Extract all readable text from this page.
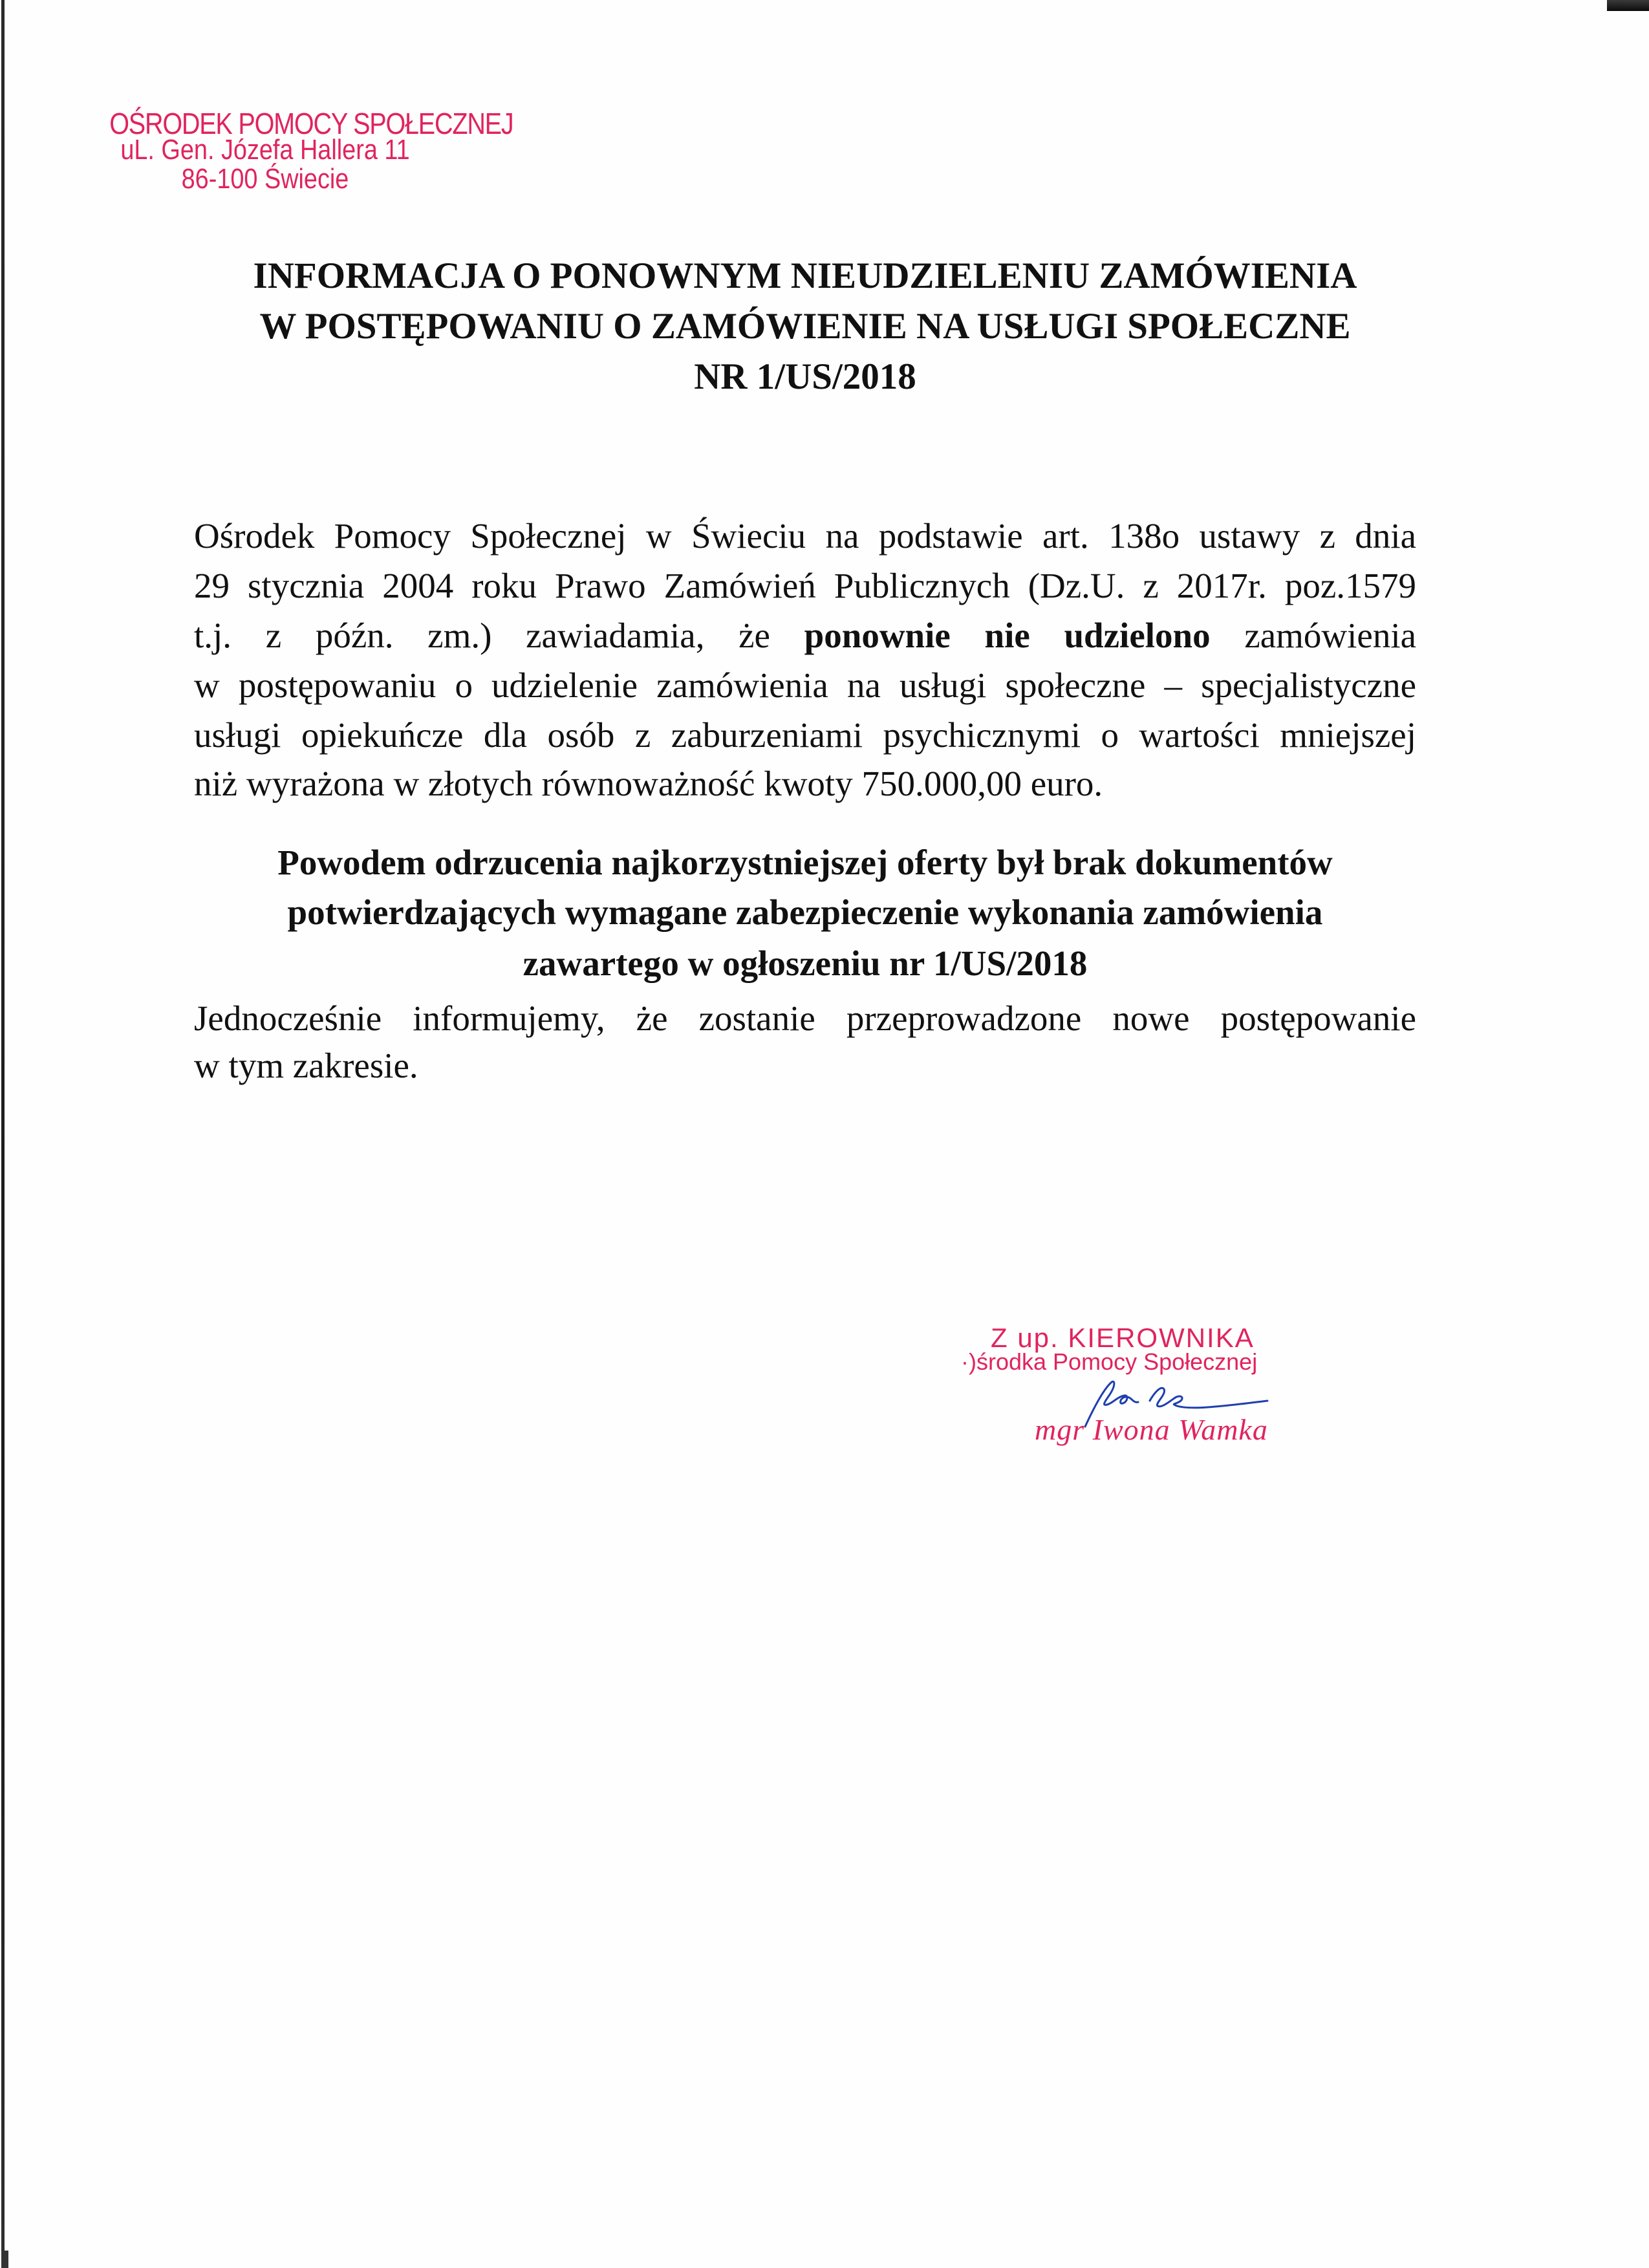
OŚRODEK POMOCY SPOŁECZNEJ
uL. Gen. Józefa Hallera 11
86-100 Świecie
INFORMACJA O PONOWNYM NIEUDZIELENIU ZAMÓWIENIA
W POSTĘPOWANIU O ZAMÓWIENIE NA USŁUGI SPOŁECZNE
NR 1/US/2018
Ośrodek Pomocy Społecznej w Świeciu na podstawie art. 138o ustawy z dnia
29 stycznia 2004 roku Prawo Zamówień Publicznych (Dz.U. z 2017r. poz.1579
t.j. z późn. zm.) zawiadamia, że ponownie nie udzielono zamówienia
w postępowaniu o udzielenie zamówienia na usługi społeczne – specjalistyczne
usługi opiekuńcze dla osób z zaburzeniami psychicznymi o wartości mniejszej
niż wyrażona w złotych równoważność kwoty 750.000,00 euro.
Powodem odrzucenia najkorzystniejszej oferty był brak dokumentów
potwierdzających wymagane zabezpieczenie wykonania zamówienia
zawartego w ogłoszeniu nr 1/US/2018
Jednocześnie informujemy, że zostanie przeprowadzone nowe postępowanie
w tym zakresie.
Z up. KIEROWNIKA
·)środka Pomocy Społecznej
mgr Iwona Wamka
